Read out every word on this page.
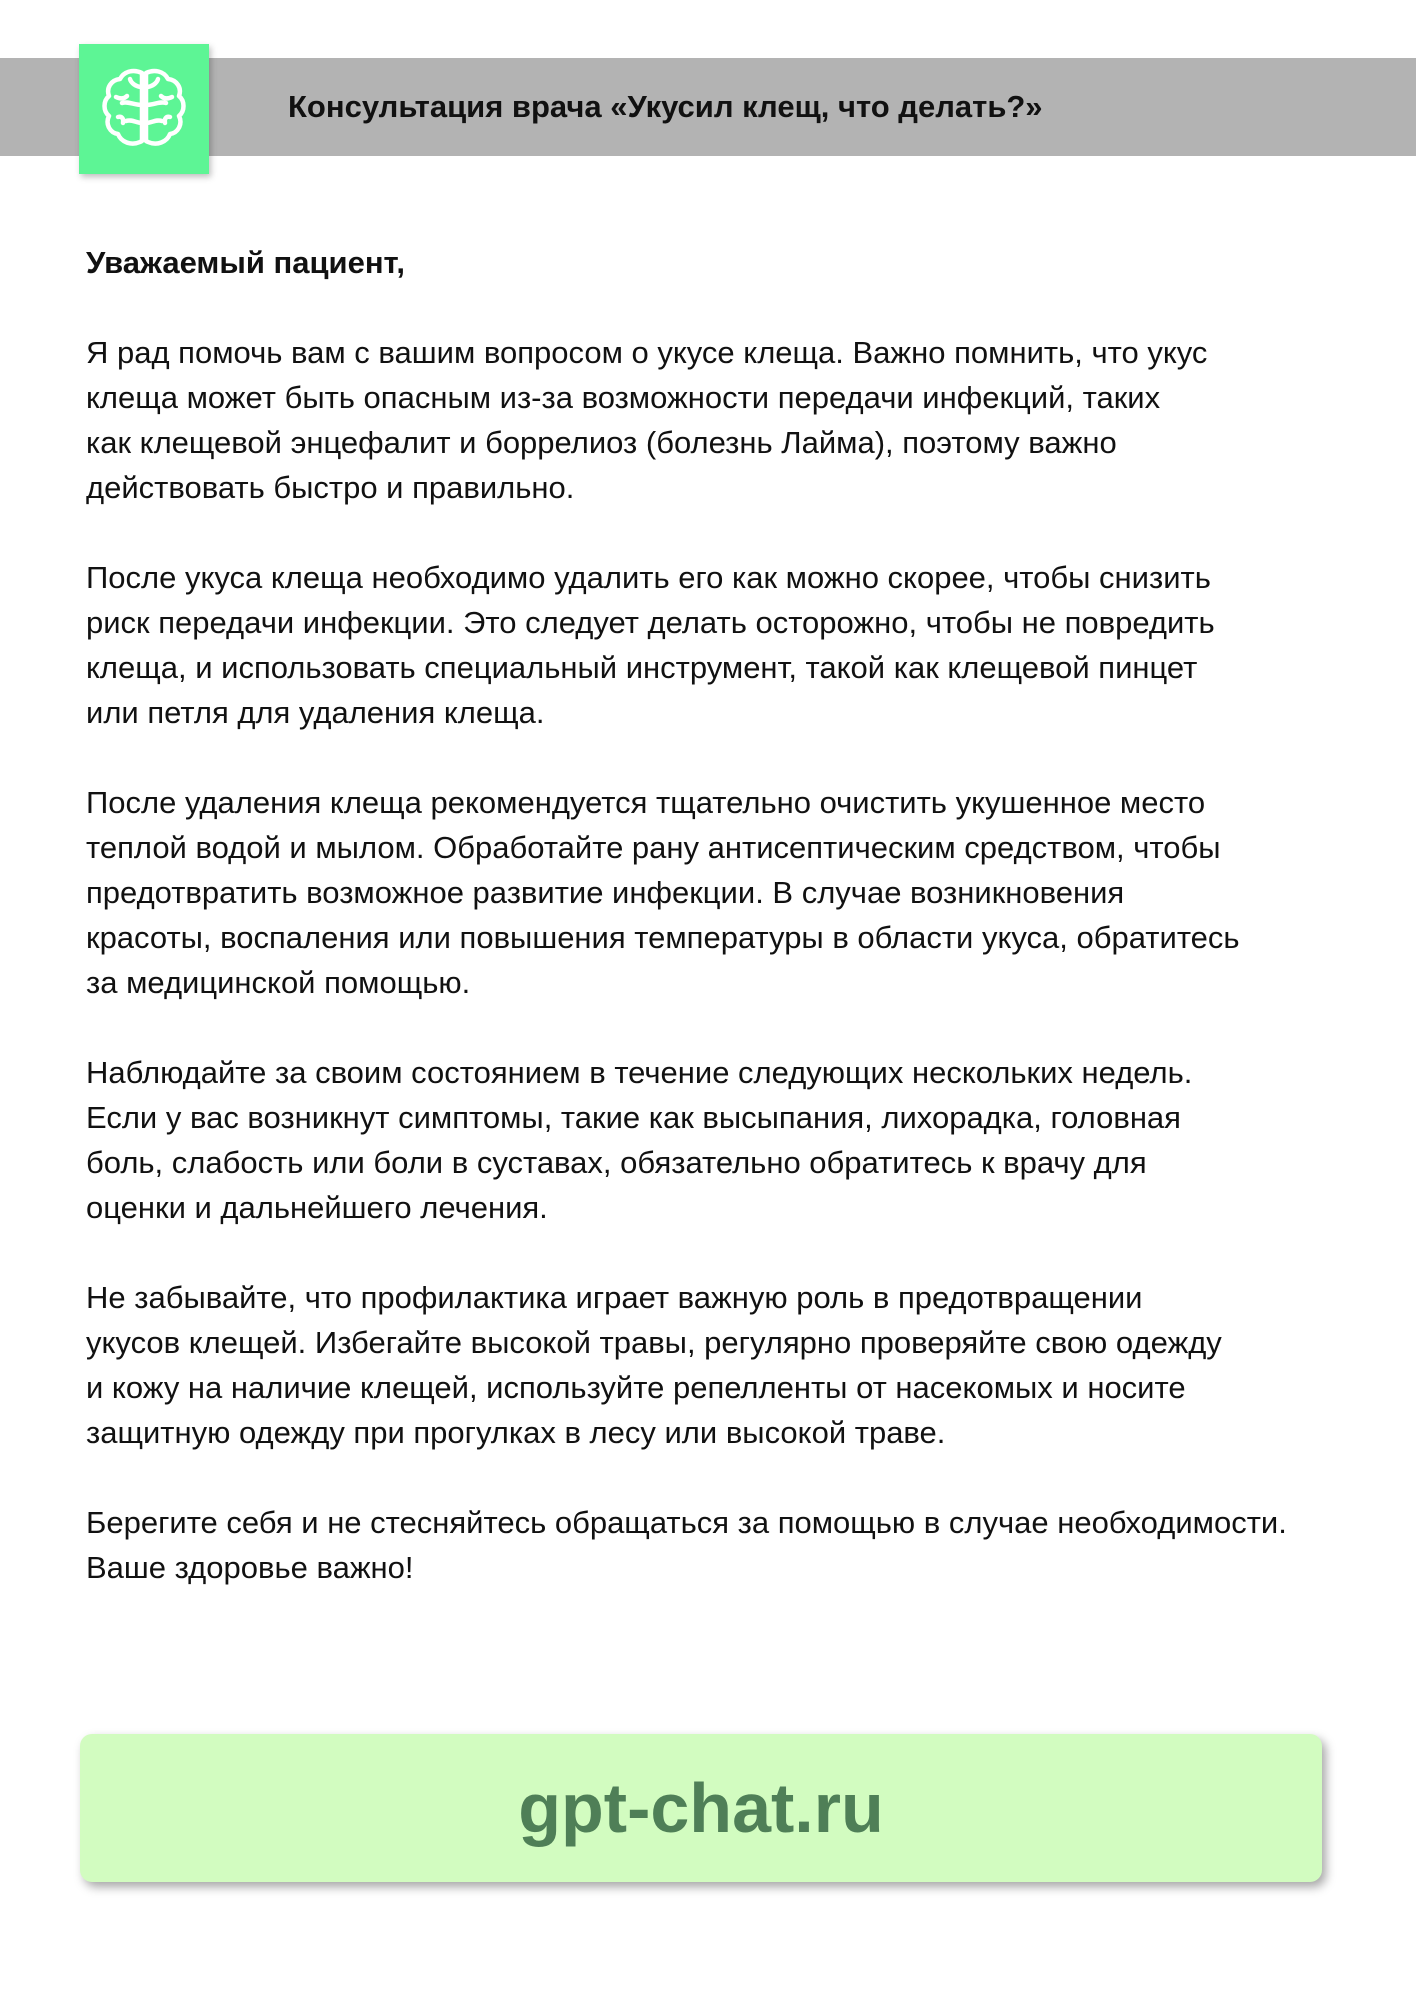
Консультация врача «Укусил клещ, что делать?»

Уважаемый пациент,

Я рад помочь вам с вашим вопросом о укусе клеща. Важно помнить, что укус
клеща может быть опасным из-за возможности передачи инфекций, таких
как клещевой энцефалит и боррелиоз (болезнь Лайма), поэтому важно
действовать быстро и правильно.

После укуса клеща необходимо удалить его как можно скорее, чтобы снизить
риск передачи инфекции. Это следует делать осторожно, чтобы не повредить
клеща, и использовать специальный инструмент, такой как клещевой пинцет
или петля для удаления клеща.

После удаления клеща рекомендуется тщательно очистить укушенное место
теплой водой и мылом. Обработайте рану антисептическим средством, чтобы
предотвратить возможное развитие инфекции. В случае возникновения
красоты, воспаления или повышения температуры в области укуса, обратитесь
за медицинской помощью.

Наблюдайте за своим состоянием в течение следующих нескольких недель.
Если у вас возникнут симптомы, такие как высыпания, лихорадка, головная
боль, слабость или боли в суставах, обязательно обратитесь к врачу для
оценки и дальнейшего лечения.

Не забывайте, что профилактика играет важную роль в предотвращении
укусов клещей. Избегайте высокой травы, регулярно проверяйте свою одежду
и кожу на наличие клещей, используйте репелленты от насекомых и носите
защитную одежду при прогулках в лесу или высокой траве.

Берегите себя и не стесняйтесь обращаться за помощью в случае необходимости.
Ваше здоровье важно!

gpt-chat.ru
